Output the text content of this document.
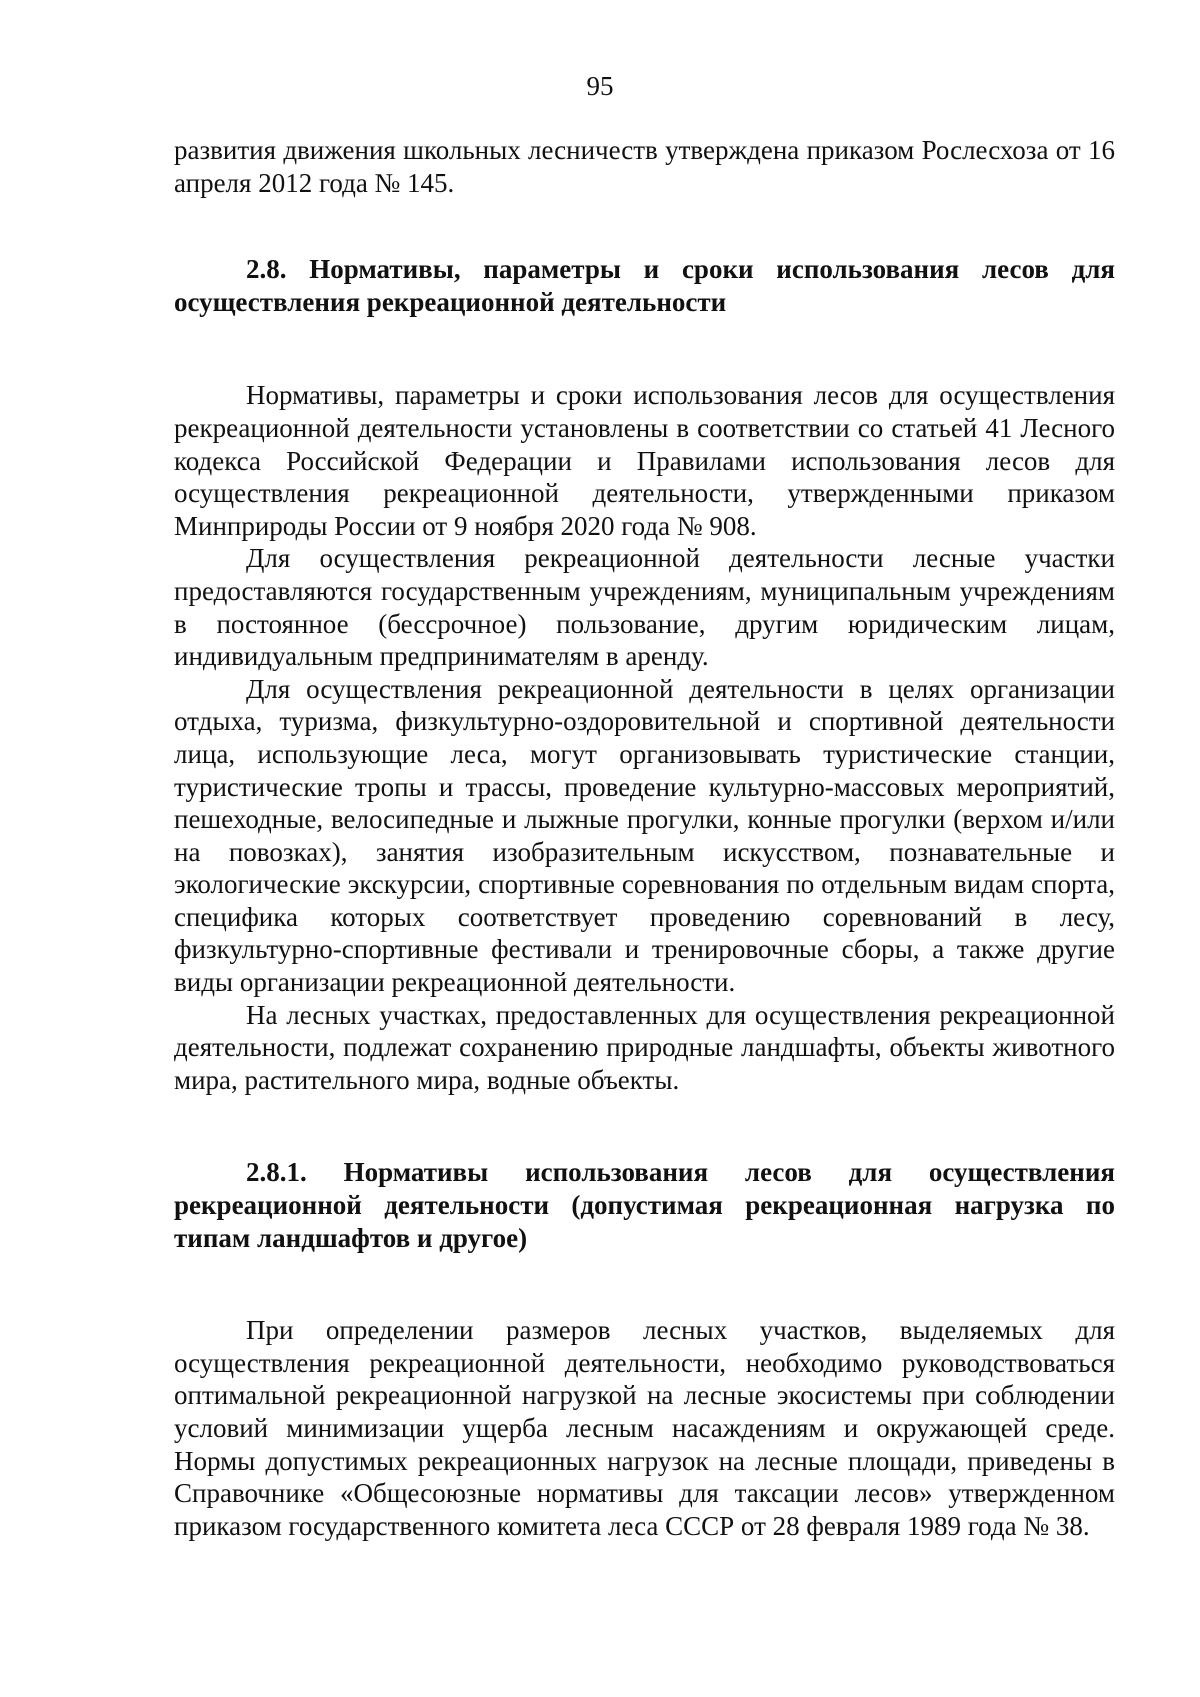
95

развития движения школьных лесничеств утверждена приказом Рослесхоза от 16 апреля 2012 года № 145.

2.8. Нормативы, параметры и сроки использования лесов для осуществления рекреационной деятельности

Нормативы, параметры и сроки использования лесов для осуществления рекреационной деятельности установлены в соответствии со статьей 41 Лесного кодекса Российской Федерации и Правилами использования лесов для осуществления рекреационной деятельности, утвержденными приказом Минприроды России от 9 ноября 2020 года № 908.

Для осуществления рекреационной деятельности лесные участки предоставляются государственным учреждениям, муниципальным учреждениям в постоянное (бессрочное) пользование, другим юридическим лицам, индивидуальным предпринимателям в аренду.

Для осуществления рекреационной деятельности в целях организации отдыха, туризма, физкультурно-оздоровительной и спортивной деятельности лица, использующие леса, могут организовывать туристические станции, туристические тропы и трассы, проведение культурно-массовых мероприятий, пешеходные, велосипедные и лыжные прогулки, конные прогулки (верхом и/или на повозках), занятия изобразительным искусством, познавательные и экологические экскурсии, спортивные соревнования по отдельным видам спорта, специфика которых соответствует проведению соревнований в лесу, физкультурно-спортивные фестивали и тренировочные сборы, а также другие виды организации рекреационной деятельности.

На лесных участках, предоставленных для осуществления рекреационной деятельности, подлежат сохранению природные ландшафты, объекты животного мира, растительного мира, водные объекты.

2.8.1. Нормативы использования лесов для осуществления рекреационной деятельности (допустимая рекреационная нагрузка по типам ландшафтов и другое)

При определении размеров лесных участков, выделяемых для осуществления рекреационной деятельности, необходимо руководствоваться оптимальной рекреационной нагрузкой на лесные экосистемы при соблюдении условий минимизации ущерба лесным насаждениям и окружающей среде. Нормы допустимых рекреационных нагрузок на лесные площади, приведены в Справочнике «Общесоюзные нормативы для таксации лесов» утвержденном приказом государственного комитета леса СССР от 28 февраля 1989 года № 38.
